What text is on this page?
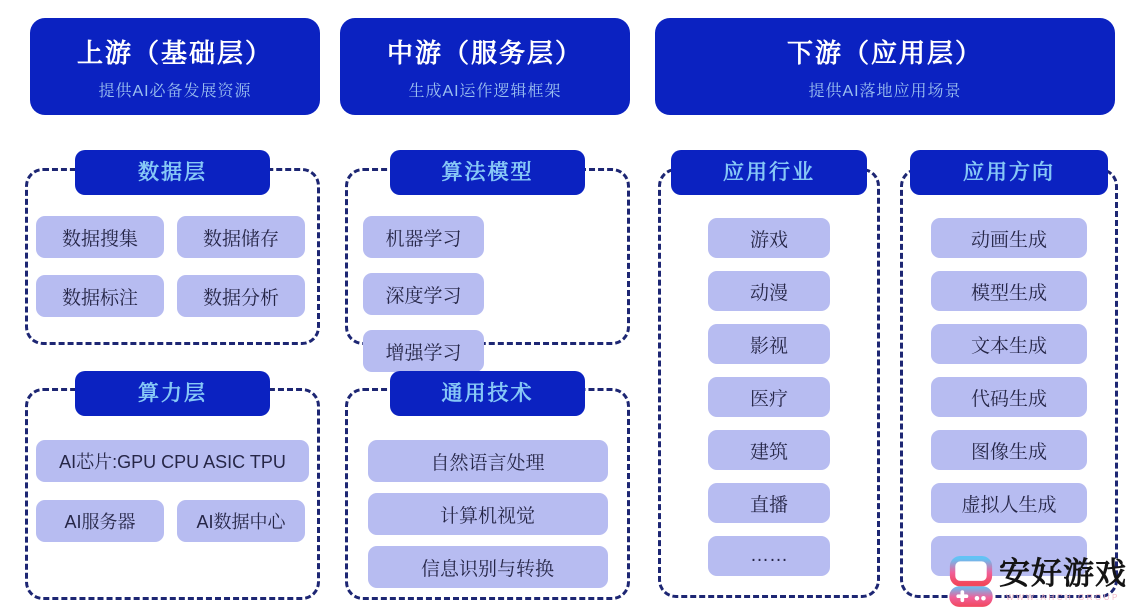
上游（基础层）
提供AI必备发展资源
中游（服务层）
生成AI运作逻辑框架
下游（应用层）
提供AI落地应用场景
数据层
数据搜集	数据储存
数据标注	数据分析
算力层
AI芯片:GPU CPU ASIC TPU
AI服务器	AI数据中心
算法模型
机器学习
深度学习
增强学习
通用技术
自然语言处理
计算机视觉
信息识别与转换
应用行业
游戏
动漫
影视
医疗
建筑
直播
……
应用方向
动画生成
模型生成
文本生成
代码生成
图像生成
虚拟人生成
安好游戏
WWW.AHCH GROUP
